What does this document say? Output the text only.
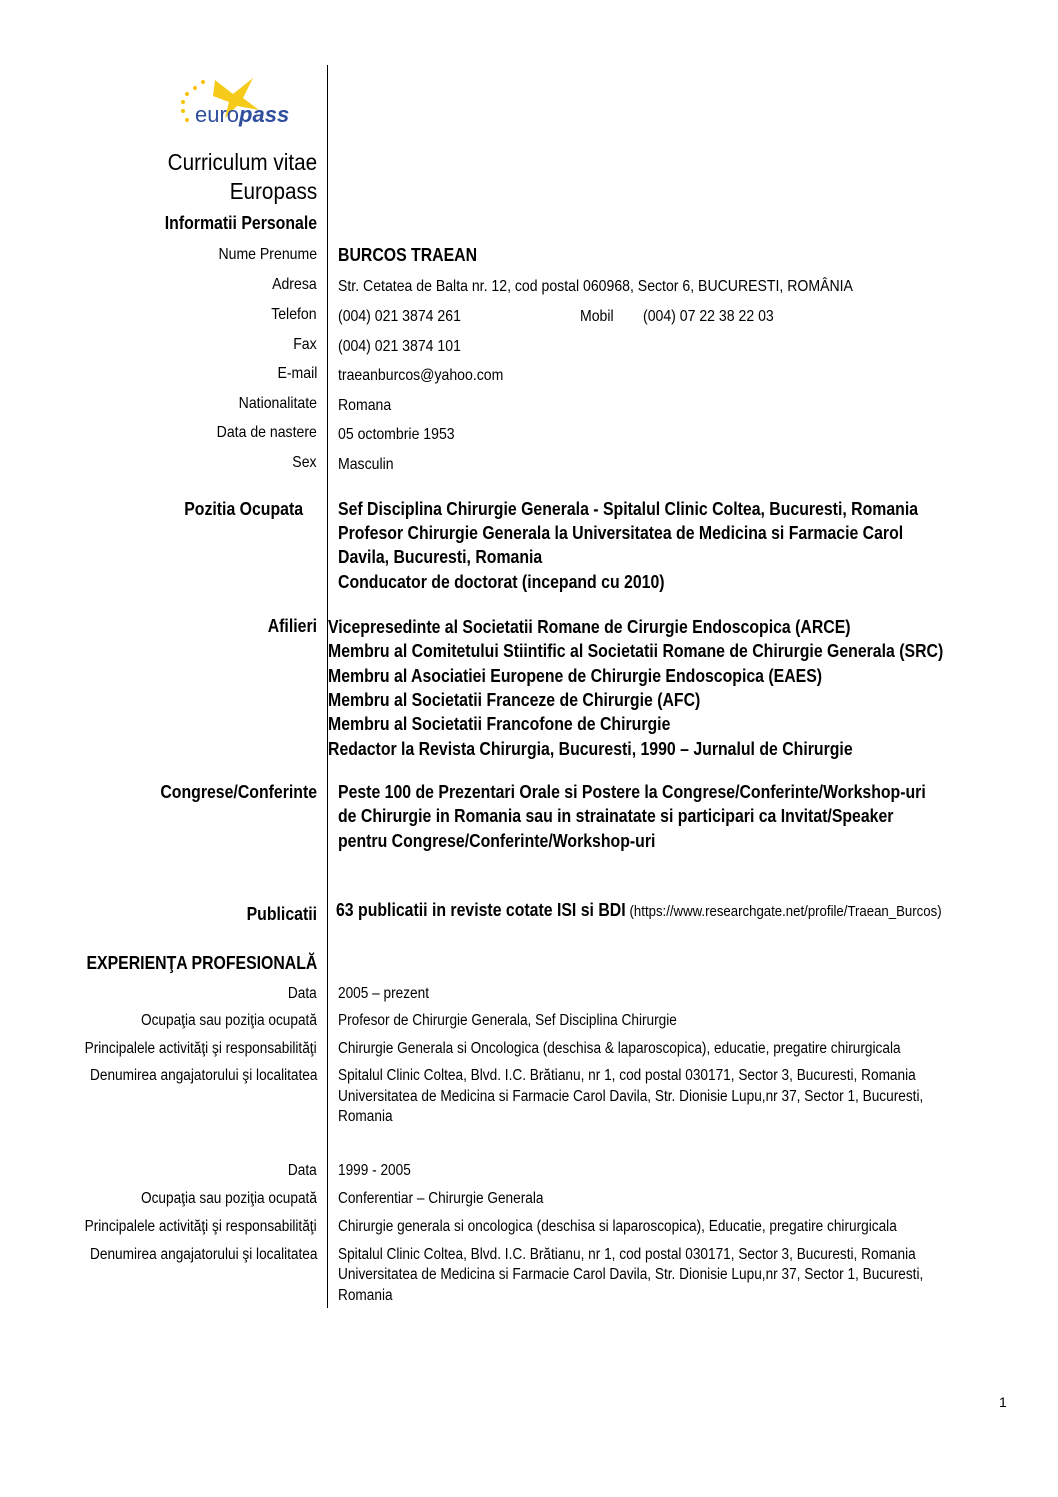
europass
Curriculum vitae
Europass
Informatii Personale
Nume Prenume BURCOS TRAEAN
Adresa Str. Cetatea de Balta nr. 12, cod postal 060968, Sector 6, BUCURESTI, ROMÂNIA
Telefon (004) 021 3874 261	Mobil (004) 07 22 38 22 03
Fax (004) 021 3874 101
E-mail traeanburcos@yahoo.com
Nationalitate Romana
Data de nastere 05 octombrie 1953
Sex Masculin
Pozitia Ocupata Sef Disciplina Chirurgie Generala - Spitalul Clinic Coltea, Bucuresti, Romania
Profesor Chirurgie Generala la Universitatea de Medicina si Farmacie Carol
Davila, Bucuresti, Romania
Conducator de doctorat (incepand cu 2010)
Afilieri Vicepresedinte al Societatii Romane de Cirurgie Endoscopica (ARCE)
Membru al Comitetului Stiintific al Societatii Romane de Chirurgie Generala (SRC)
Membru al Asociatiei Europene de Chirurgie Endoscopica (EAES)
Membru al Societatii Franceze de Chirurgie (AFC)
Membru al Societatii Francofone de Chirurgie
Redactor la Revista Chirurgia, Bucuresti, 1990 – Jurnalul de Chirurgie
Congrese/Conferinte Peste 100 de Prezentari Orale si Postere la Congrese/Conferinte/Workshop-uri
de Chirurgie in Romania sau in strainatate si participari ca Invitat/Speaker
pentru Congrese/Conferinte/Workshop-uri
Publicatii 63 publicatii in reviste cotate ISI si BDI (https://www.researchgate.net/profile/Traean_Burcos)
EXPERIENŢA PROFESIONALĂ
Data 2005 – prezent
Ocupaţia sau poziţia ocupată Profesor de Chirurgie Generala, Sef Disciplina Chirurgie
Principalele activităţi şi responsabilităţi Chirurgie Generala si Oncologica (deschisa & laparoscopica), educatie, pregatire chirurgicala
Denumirea angajatorului şi localitatea Spitalul Clinic Coltea, Blvd. I.C. Brătianu, nr 1, cod postal 030171, Sector 3, Bucuresti, Romania
Universitatea de Medicina si Farmacie Carol Davila, Str. Dionisie Lupu,nr 37, Sector 1, Bucuresti,
Romania
Data 1999 - 2005
Ocupaţia sau poziţia ocupată Conferentiar – Chirurgie Generala
Principalele activităţi şi responsabilităţi Chirurgie generala si oncologica (deschisa si laparoscopica), Educatie, pregatire chirurgicala
Denumirea angajatorului şi localitatea Spitalul Clinic Coltea, Blvd. I.C. Brătianu, nr 1, cod postal 030171, Sector 3, Bucuresti, Romania
Universitatea de Medicina si Farmacie Carol Davila, Str. Dionisie Lupu,nr 37, Sector 1, Bucuresti,
Romania
1
